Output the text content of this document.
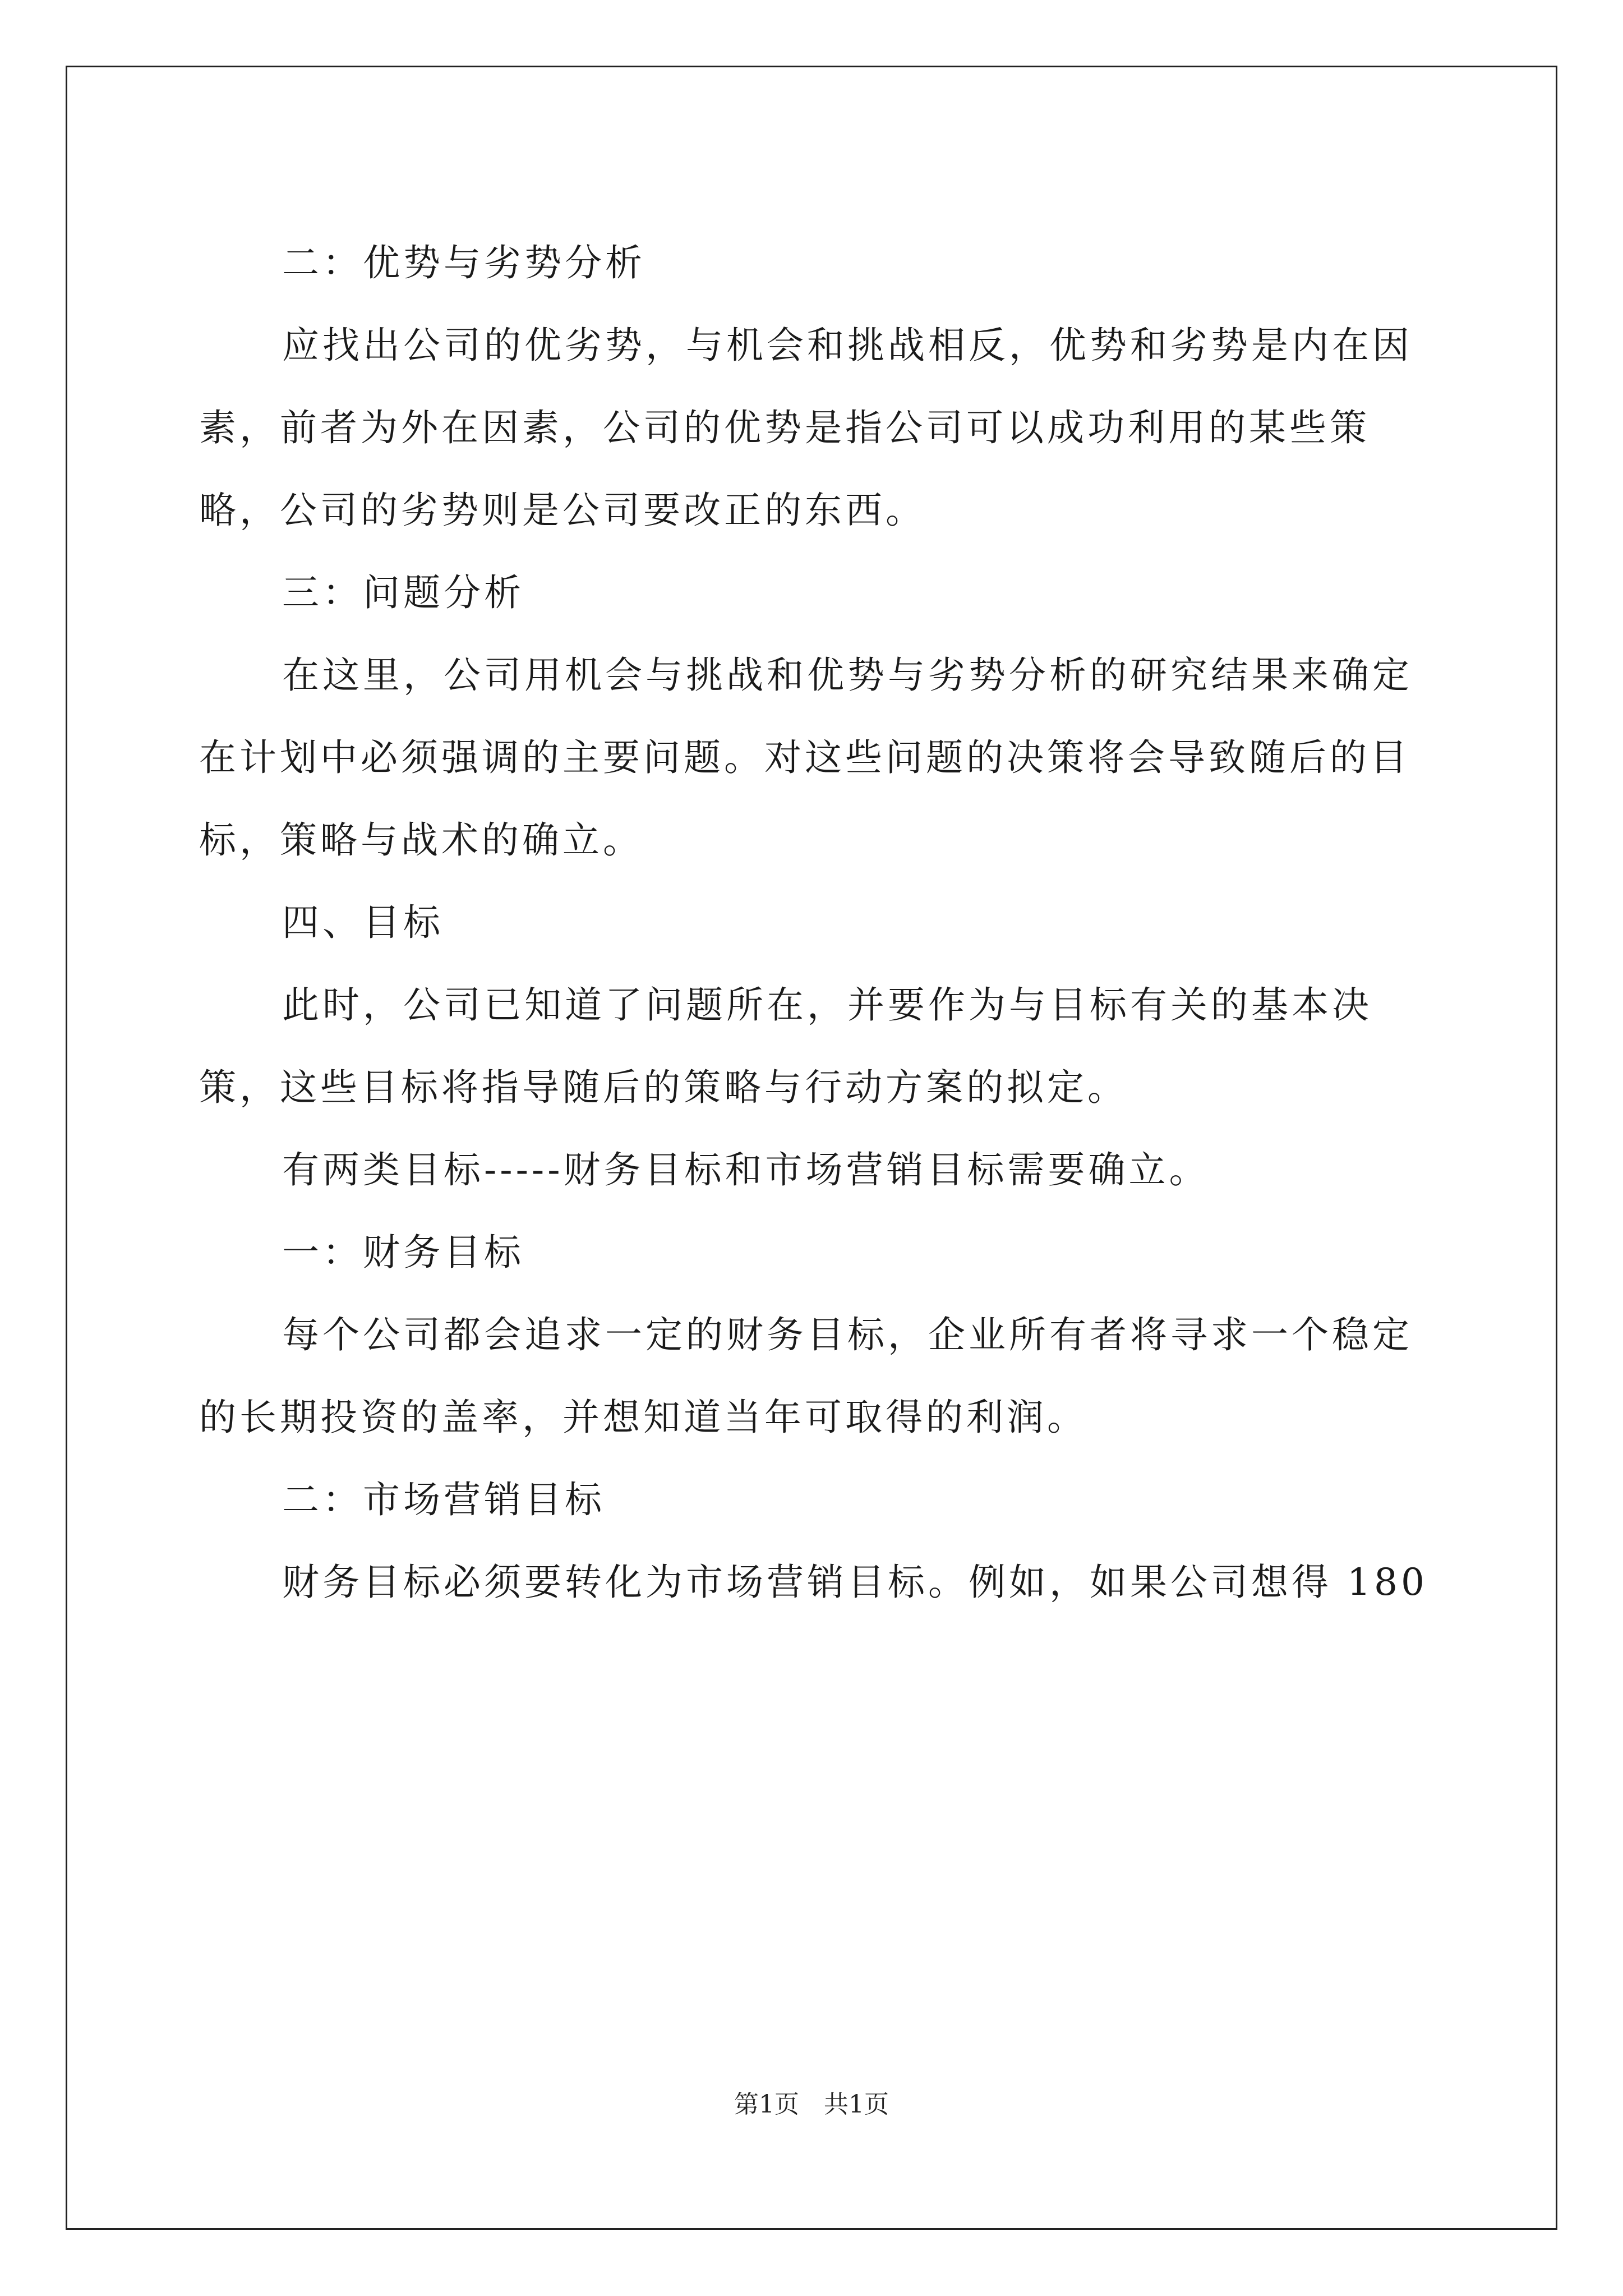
二：优势与劣势分析

应找出公司的优劣势，与机会和挑战相反，优势和劣势是内在因素，前者为外在因素，公司的优势是指公司可以成功利用的某些策略，公司的劣势则是公司要改正的东西。

三：问题分析

在这里，公司用机会与挑战和优势与劣势分析的研究结果来确定在计划中必须强调的主要问题。对这些问题的决策将会导致随后的目标，策略与战术的确立。

四、目标

此时，公司已知道了问题所在，并要作为与目标有关的基本决策，这些目标将指导随后的策略与行动方案的拟定。

有两类目标-----财务目标和市场营销目标需要确立。

一：财务目标

每个公司都会追求一定的财务目标，企业所有者将寻求一个稳定的长期投资的盖率，并想知道当年可取得的利润。

二：市场营销目标

财务目标必须要转化为市场营销目标。例如，如果公司想得 180

第1页　共1页
